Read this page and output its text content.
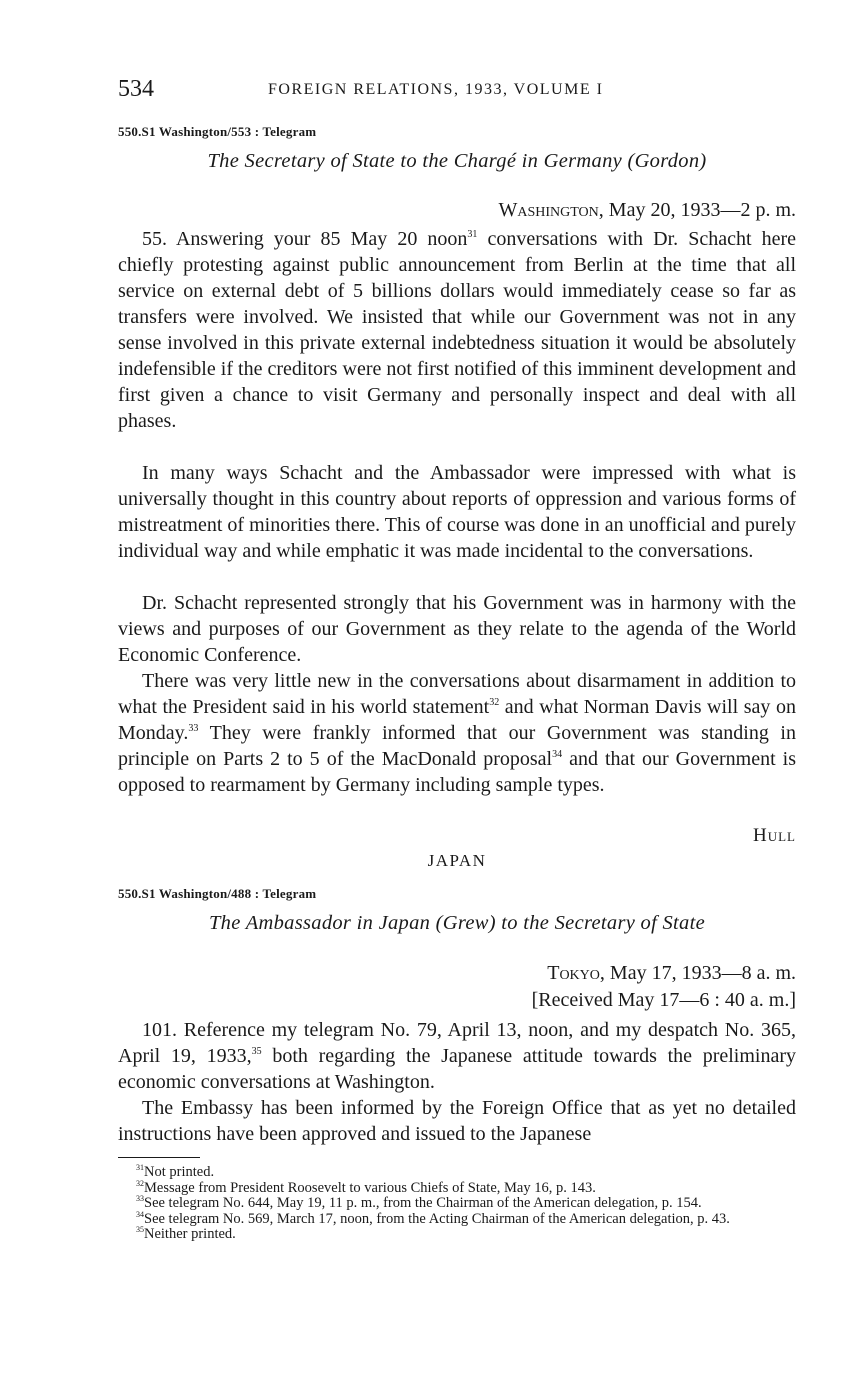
534	FOREIGN RELATIONS, 1933, VOLUME I
550.S1 Washington/553 : Telegram
The Secretary of State to the Chargé in Germany (Gordon)
Washington, May 20, 1933—2 p. m.

55. Answering your 85 May 20 noon$^{31}$ conversations with Dr. Schacht here chiefly protesting against public announcement from Berlin at the time that all service on external debt of 5 billions dollars would immediately cease so far as transfers were involved. We insisted that while our Government was not in any sense involved in this private external indebtedness situation it would be absolutely indefensible if the creditors were not first notified of this imminent development and first given a chance to visit Germany and personally inspect and deal with all phases.

In many ways Schacht and the Ambassador were impressed with what is universally thought in this country about reports of oppression and various forms of mistreatment of minorities there. This of course was done in an unofficial and purely individual way and while emphatic it was made incidental to the conversations.

Dr. Schacht represented strongly that his Government was in harmony with the views and purposes of our Government as they relate to the agenda of the World Economic Conference.

There was very little new in the conversations about disarmament in addition to what the President said in his world statement$^{32}$ and what Norman Davis will say on Monday.$^{33}$ They were frankly informed that our Government was standing in principle on Parts 2 to 5 of the MacDonald proposal$^{34}$ and that our Government is opposed to rearmament by Germany including sample types.

Hull
JAPAN
550.S1 Washington/488 : Telegram
The Ambassador in Japan (Grew) to the Secretary of State
Tokyo, May 17, 1933—8 a. m.
[Received May 17—6 : 40 a. m.]

101. Reference my telegram No. 79, April 13, noon, and my despatch No. 365, April 19, 1933,35 both regarding the Japanese attitude towards the preliminary economic conversations at Washington.

The Embassy has been informed by the Foreign Office that as yet no detailed instructions have been approved and issued to the Japanese

$^{31}$Not printed.

$^{32}$Message from President Roosevelt to various Chiefs of State, May 16, p. 143.

$^{33}$See telegram No. 644, May 19, 11 p. m., from the Chairman of the American delegation, p. 154.

$^{34}$See telegram No. 569, March 17, noon, from the Acting Chairman of the American delegation, p. 43.

$^{35}$Neither printed.
